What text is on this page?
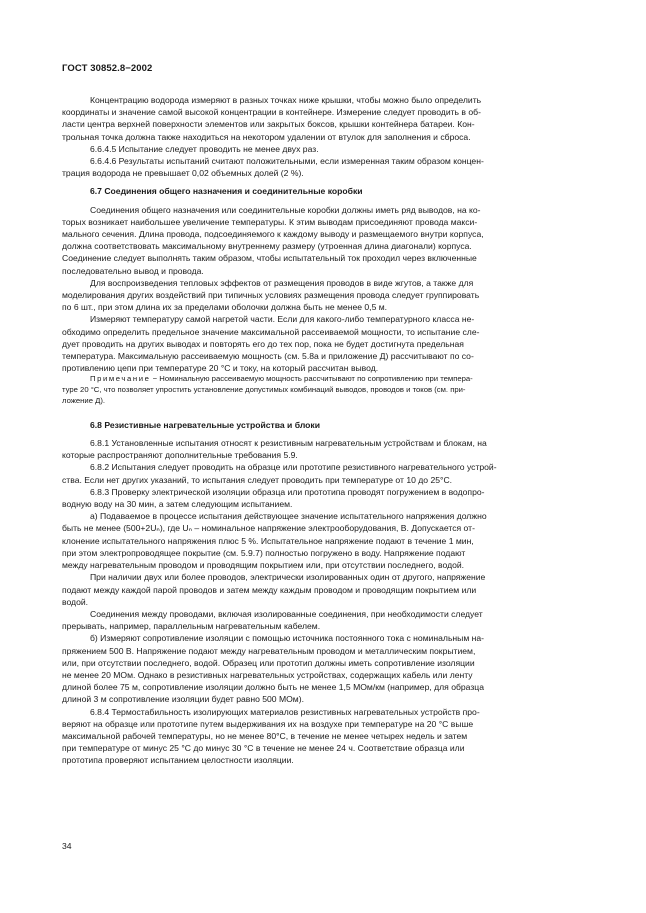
ГОСТ 30852.8−2002
Концентрацию водорода измеряют в разных точках ниже крышки, чтобы можно было определить
координаты и значение самой высокой концентрации в контейнере. Измерение следует проводить в об-
ласти центра верхней поверхности элементов или закрытых боксов, крышки контейнера батареи. Кон-
трольная точка должна также находиться на некотором удалении от втулок для заполнения и сброса.
6.6.4.5 Испытание следует проводить не менее двух раз.
6.6.4.6 Результаты испытаний считают положительными, если измеренная таким образом концен-
трация водорода не превышает 0,02 объемных долей (2 %).
6.7 Соединения общего назначения и соединительные коробки
Соединения общего назначения или соединительные коробки должны иметь ряд выводов, на ко-
торых возникает наибольшее увеличение температуры. К этим выводам присоединяют провода макси-
мального сечения. Длина провода, подсоединяемого к каждому выводу и размещаемого внутри корпуса,
должна соответствовать максимальному внутреннему размеру (утроенная длина диагонали) корпуса.
Соединение следует выполнять таким образом, чтобы испытательный ток проходил через включенные
последовательно вывод и провода.
Для воспроизведения тепловых эффектов от размещения проводов в виде жгутов, а также для
моделирования других воздействий при типичных условиях размещения провода следует группировать
по 6 шт., при этом длина их за пределами оболочки должна быть не менее 0,5 м.
Измеряют температуру самой нагретой части. Если для какого-либо температурного класса не-
обходимо определить предельное значение максимальной рассеиваемой мощности, то испытание сле-
дует проводить на других выводах и повторять его до тех пор, пока не будет достигнута предельная
температура. Максимальную рассеиваемую мощность (см. 5.8а и приложение Д) рассчитывают по со-
противлению цепи при температуре 20 °С и току, на который рассчитан вывод.
Примечание − Номинальную рассеиваемую мощность рассчитывают по сопротивлению при темпера-
туре 20 °С, что позволяет упростить установление допустимых комбинаций выводов, проводов и токов (см. при-
ложение Д).
6.8 Резистивные нагревательные устройства и блоки
6.8.1 Установленные испытания относят к резистивным нагревательным устройствам и блокам, на
которые распространяют дополнительные требования 5.9.
6.8.2 Испытания следует проводить на образце или прототипе резистивного нагревательного устрой-
ства. Если нет других указаний, то испытания следует проводить при температуре от 10 до 25°С.
6.8.3 Проверку электрической изоляции образца или прототипа проводят погружением в водопро-
водную воду на 30 мин, а затем следующим испытанием.
а) Подаваемое в процессе испытания действующее значение испытательного напряжения должно
быть не менее (500+2Uₙ), где Uₙ – номинальное напряжение электрооборудования, В. Допускается от-
клонение испытательного напряжения плюс 5 %. Испытательное напряжение подают в течение 1 мин,
при этом электропроводящее покрытие (см. 5.9.7) полностью погружено в воду. Напряжение подают
между нагревательным проводом и проводящим покрытием или, при отсутствии последнего, водой.
При наличии двух или более проводов, электрически изолированных один от другого, напряжение
подают между каждой парой проводов и затем между каждым проводом и проводящим покрытием или
водой.
Соединения между проводами, включая изолированные соединения, при необходимости следует
прерывать, например, параллельным нагревательным кабелем.
б) Измеряют сопротивление изоляции с помощью источника постоянного тока с номинальным на-
пряжением 500 В. Напряжение подают между нагревательным проводом и металлическим покрытием,
или, при отсутствии последнего, водой. Образец или прототип должны иметь сопротивление изоляции
не менее 20 МОм. Однако в резистивных нагревательных устройствах, содержащих кабель или ленту
длиной более 75 м, сопротивление изоляции должно быть не менее 1,5 МОм/км (например, для образца
длиной 3 м сопротивление изоляции будет равно 500 МОм).
6.8.4 Термостабильность изолирующих материалов резистивных нагревательных устройств про-
веряют на образце или прототипе путем выдерживания их на воздухе при температуре на 20 °С выше
максимальной рабочей температуры, но не менее 80°С, в течение не менее четырех недель и затем
при температуре от минус 25 °С до минус 30 °С в течение не менее 24 ч. Соответствие образца или
прототипа проверяют испытанием целостности изоляции.
34
